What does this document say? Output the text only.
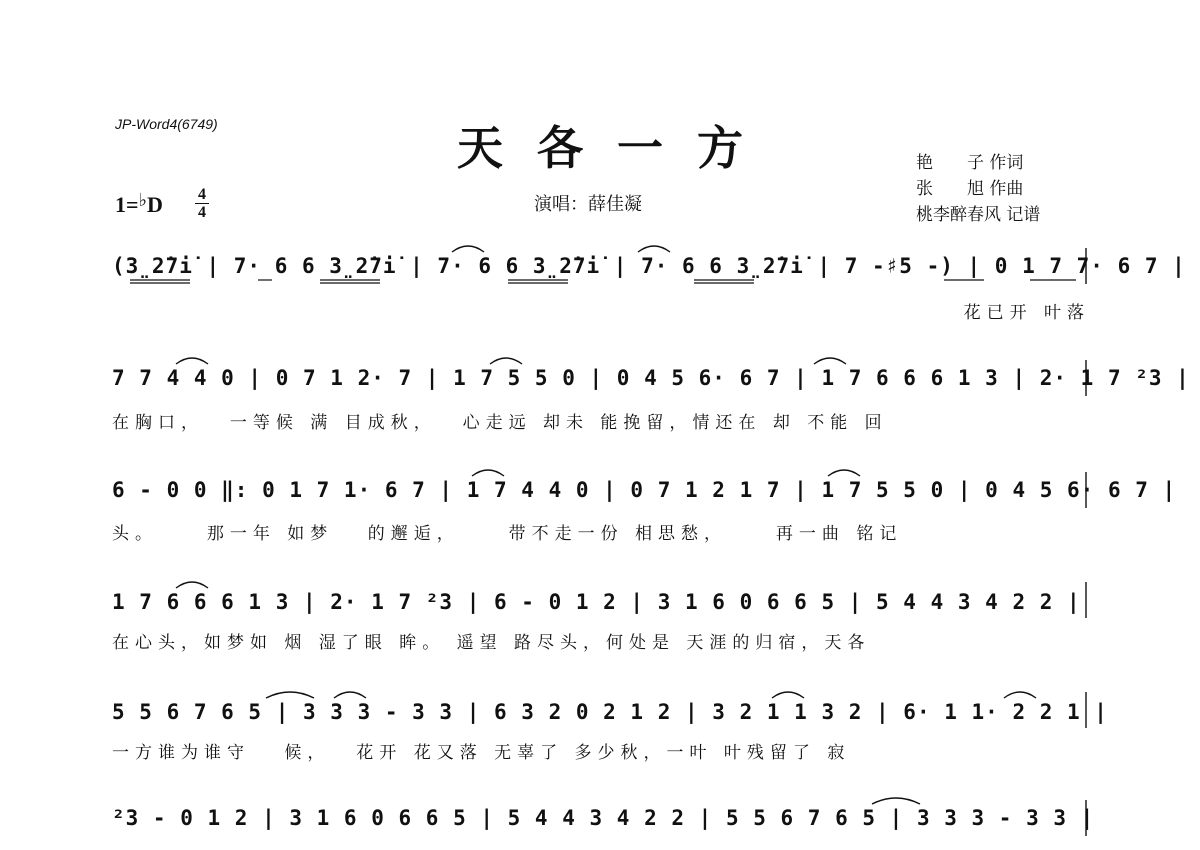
JP-Word4(6749)	天各一方
1=♭D 4
4	演唱：薛佳凝
艳　　子 作词
张　　旭 作曲
桃李醉春风 记谱
(3̤2̇7i̇ | 7· 6 6 3̤2̇7i̇ | 7· 6 6 3̤2̇7i̇ | 7· 6 6 3̤2̇7i̇ | 7 -♯5 -) | 0 1 7 7· 6 7 |
花已开 叶落
7 7 4 4 0 | 0 7 1 2· 7 | 1 7 5 5 0 | 0 4 5 6· 6 7 | 1 7 6 6 6 1 3 | 2· 1 7 ²3 |
在胸口，　 一等候 满 目成秋，　 心走远 却未 能挽留，情还在 却 不能 回
6 - 0 0 ‖: 0 1 7 1· 6 7 | 1 7 4 4 0 | 0 7 1 2 1 7 | 1 7 5 5 0 | 0 4 5 6· 6 7 |
头。　　 那一年 如梦　 的邂逅，　　 带不走一份 相思愁，　　 再一曲 铭记
1 7 6 6 6 1 3 | 2· 1 7 ²3 | 6 - 0 1 2 | 3 1 6 0 6 6 5 | 5 4 4 3 4 2 2 |
在心头，如梦如 烟 湿了眼 眸。 遥望 路尽头，何处是 天涯的归宿，天各
5 5 6 7 6 5 | 3 3 3 - 3 3 | 6 3 2 0 2 1 2 | 3 2 1 1 3 2 | 6· 1 1· 2 2 1 |
一方谁为谁守　 候，　 花开 花又落 无辜了 多少秋，一叶 叶残留了 寂
²3 - 0 1 2 | 3 1 6 0 6 6 5 | 5 4 4 3 4 2 2 | 5 5 6 7 6 5 | 3 3 3 - 3 3 |
